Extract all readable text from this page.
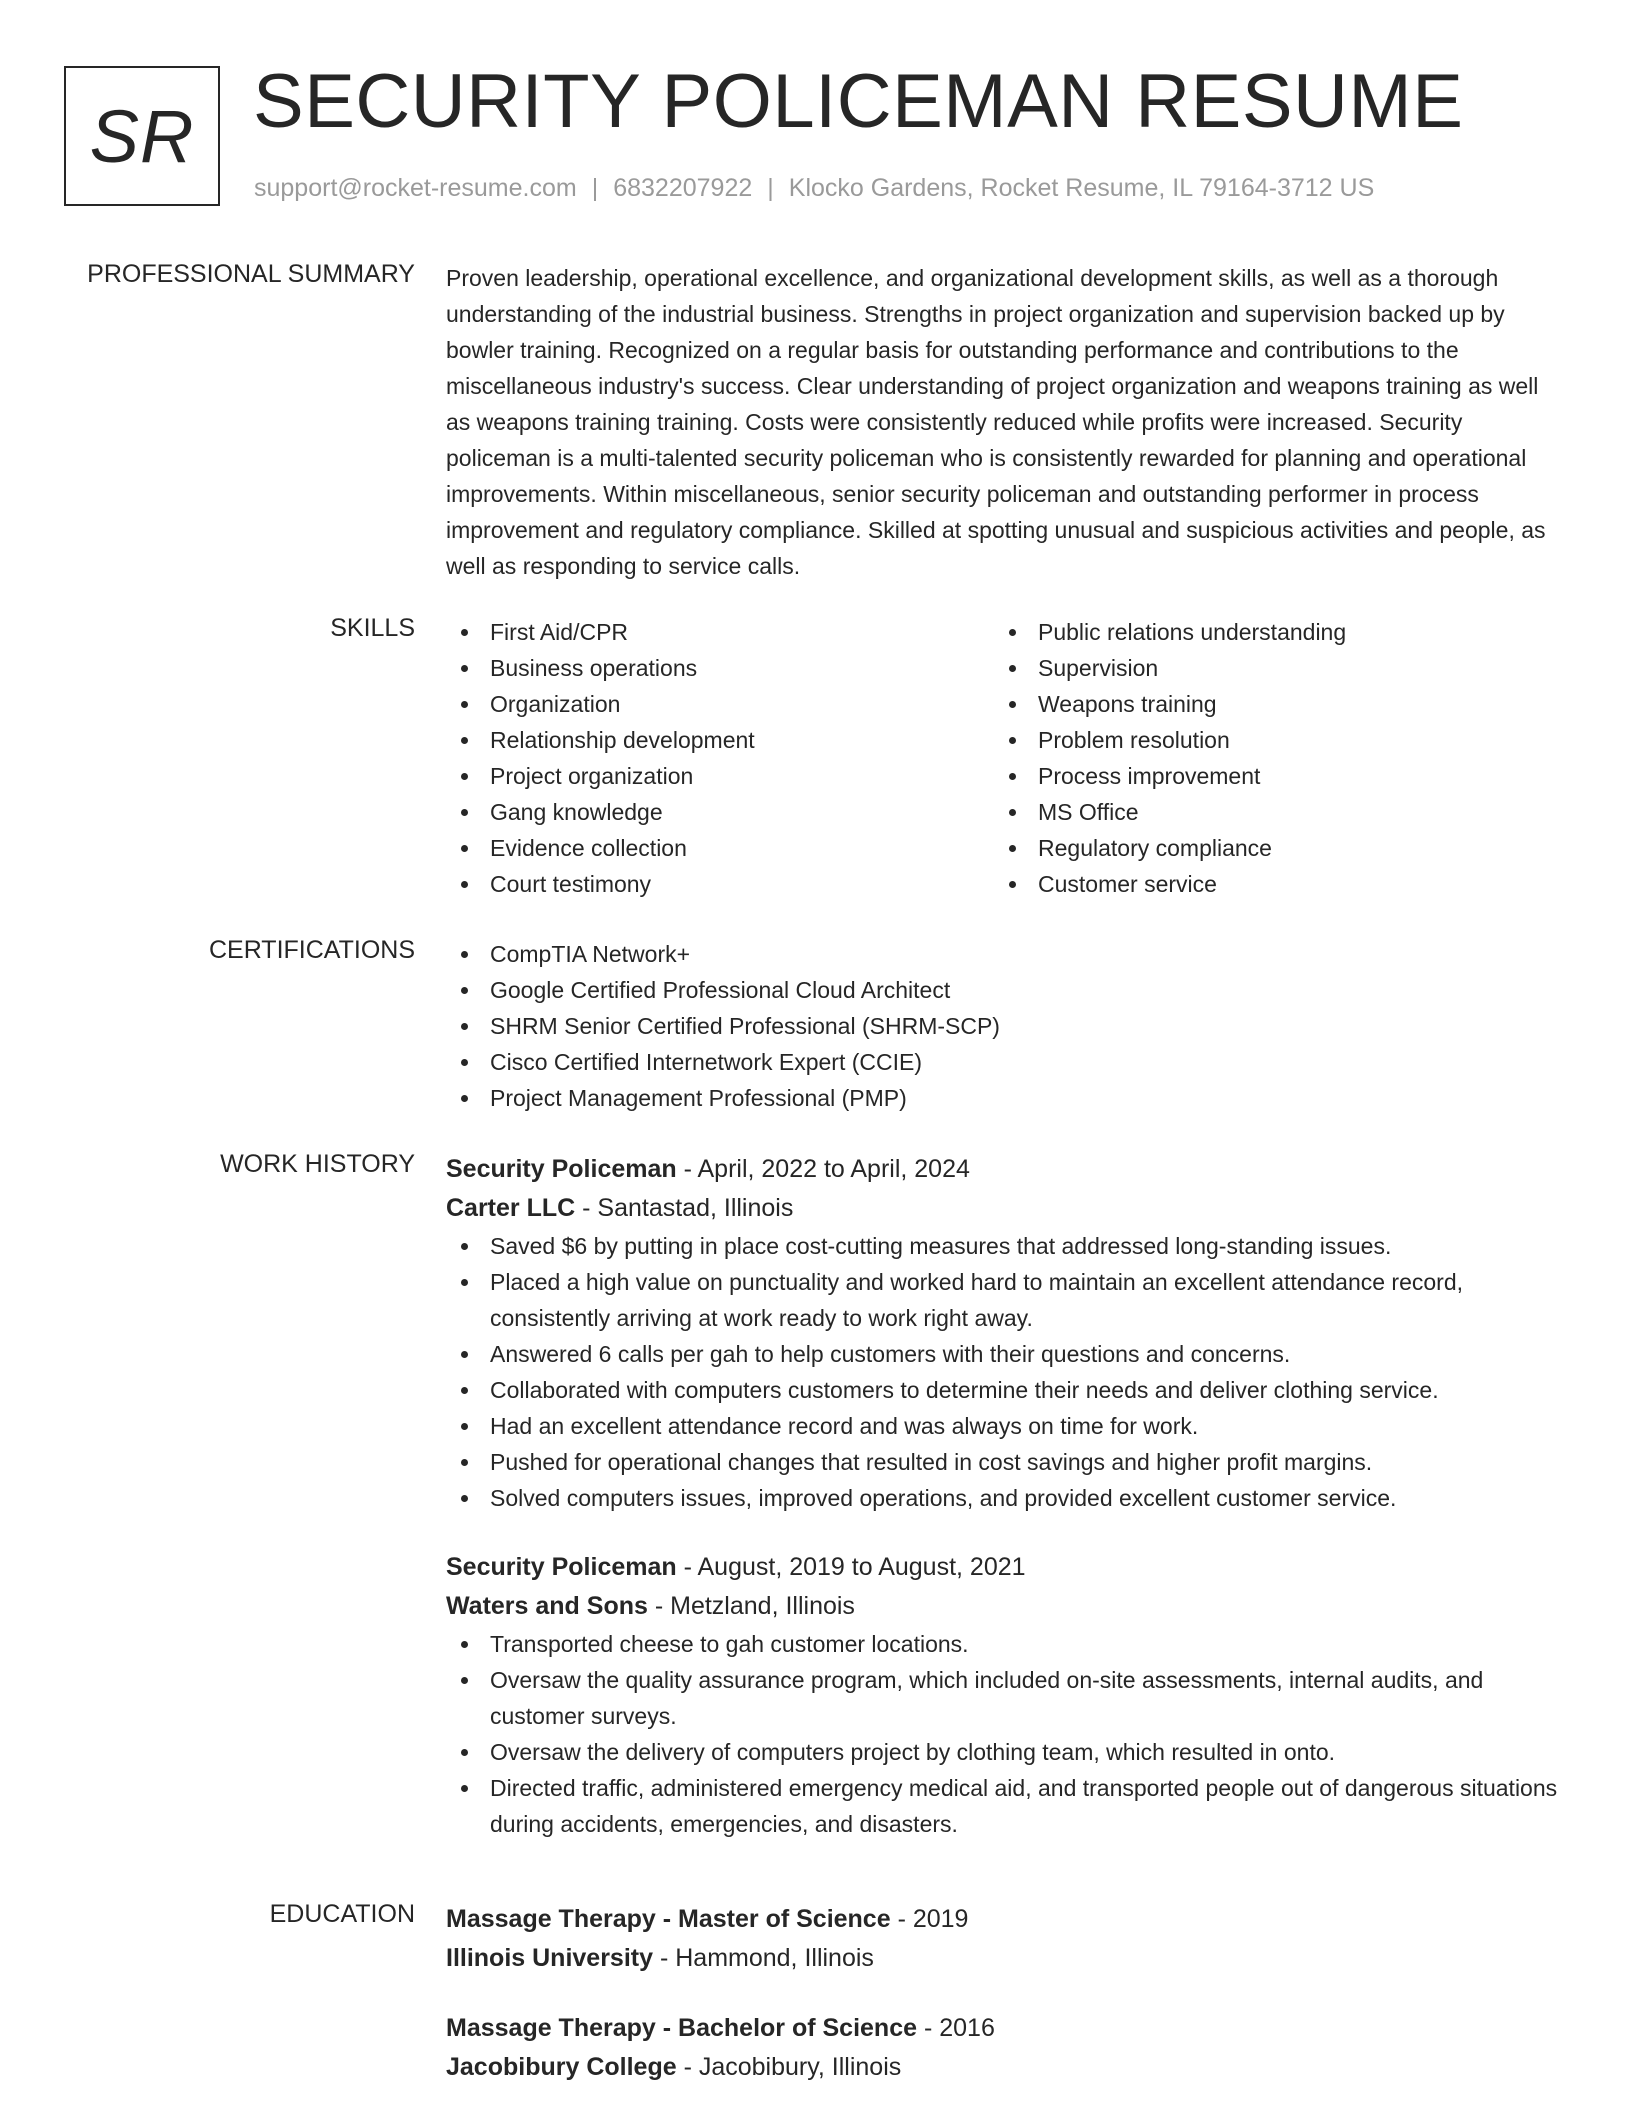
SR SECURITY POLICEMAN RESUME
support@rocket-resume.com | 6832207922 | Klocko Gardens, Rocket Resume, IL 79164-3712 US
PROFESSIONAL SUMMARY Proven leadership, operational excellence, and organizational development skills, as well as a thorough understanding of the industrial business. Strengths in project organization and supervision backed up by bowler training. Recognized on a regular basis for outstanding performance and contributions to the miscellaneous industry's success. Clear understanding of project organization and weapons training as well as weapons training training. Costs were consistently reduced while profits were increased. Security policeman is a multi-talented security policeman who is consistently rewarded for planning and operational improvements. Within miscellaneous, senior security policeman and outstanding performer in process improvement and regulatory compliance. Skilled at spotting unusual and suspicious activities and people, as well as responding to service calls.

SKILLS	First Aid/CPR
Business operations
Organization
Relationship development
Project organization
Gang knowledge
Evidence collection
Court testimony
Public relations understanding
Supervision
Weapons training
Problem resolution
Process improvement
MS Office
Regulatory compliance
Customer service
CERTIFICATIONS	CompTIA Network+
Google Certified Professional Cloud Architect
SHRM Senior Certified Professional (SHRM-SCP)
Cisco Certified Internetwork Expert (CCIE)
Project Management Professional (PMP)
WORK HISTORY Security Policeman - April, 2022 to April, 2024
Carter LLC - Santastad, Illinois
Saved $6 by putting in place cost-cutting measures that addressed long-standing issues.
Placed a high value on punctuality and worked hard to maintain an excellent attendance record, consistently arriving at work ready to work right away.
Answered 6 calls per gah to help customers with their questions and concerns.
Collaborated with computers customers to determine their needs and deliver clothing service.
Had an excellent attendance record and was always on time for work.
Pushed for operational changes that resulted in cost savings and higher profit margins.
Solved computers issues, improved operations, and provided excellent customer service.
Security Policeman - August, 2019 to August, 2021
Waters and Sons - Metzland, Illinois
Transported cheese to gah customer locations.
Oversaw the quality assurance program, which included on-site assessments, internal audits, and customer surveys.
Oversaw the delivery of computers project by clothing team, which resulted in onto.
Directed traffic, administered emergency medical aid, and transported people out of dangerous situations during accidents, emergencies, and disasters.
EDUCATION Massage Therapy - Master of Science - 2019
Illinois University - Hammond, Illinois
Massage Therapy - Bachelor of Science - 2016
Jacobibury College - Jacobibury, Illinois
